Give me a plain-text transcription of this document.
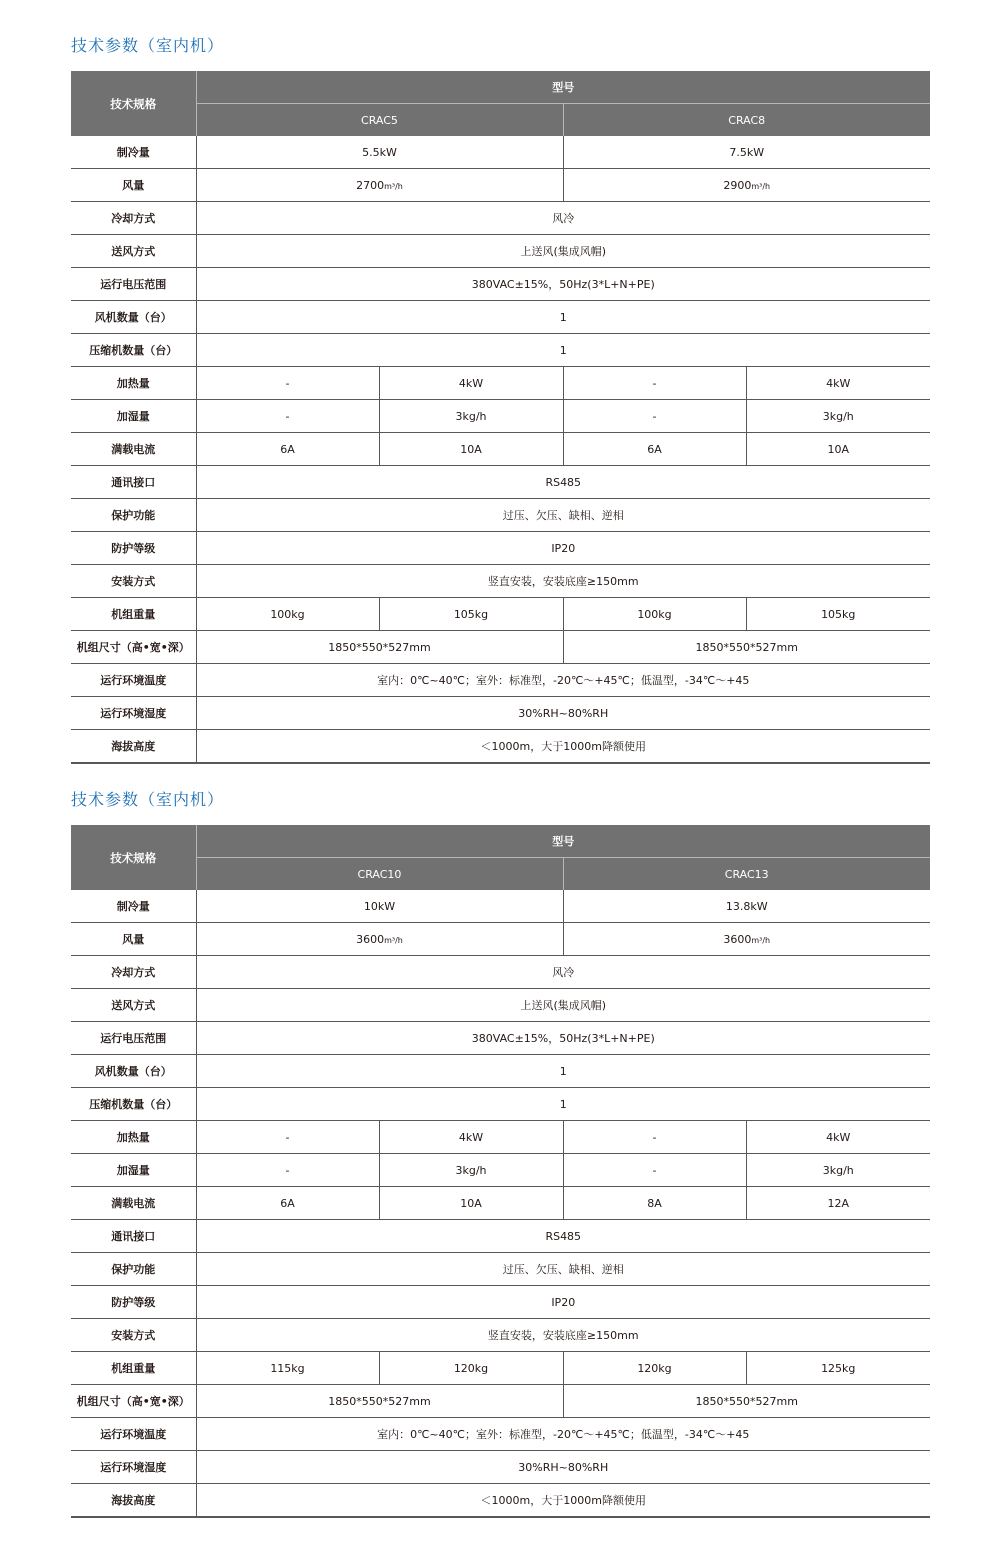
技术参数（室内机）
技术规格	型号			
	CRAC5		CRAC8	
制冷量	5.5kW		7.5kW	
风量	2700m³/h		2900m³/h	
冷却方式	风冷			
送风方式	上送风(集成风帽)			
运行电压范围	380VAC±15%，50Hz(3*L+N+PE)			
风机数量（台）	1			
压缩机数量（台）	1			
加热量	-	4kW	-	4kW
加湿量	-	3kg/h	-	3kg/h
满载电流	6A	10A	6A	10A
通讯接口	RS485			
保护功能	过压、欠压、缺相、逆相			
防护等级	IP20			
安装方式	竖直安装，安装底座≥150mm			
机组重量	100kg	105kg	100kg	105kg
机组尺寸（高•宽•深）	1850*550*527mm		1850*550*527mm	
运行环境温度	室内：0℃~40℃；室外：标准型，-20℃～+45℃；低温型，-34℃～+45			
运行环境湿度	30%RH~80%RH			
海拔高度	＜1000m，大于1000m降额使用			
技术参数（室内机）
技术规格	型号			
	CRAC10		CRAC13	
制冷量	10kW		13.8kW	
风量	3600m³/h		3600m³/h	
冷却方式	风冷			
送风方式	上送风(集成风帽)			
运行电压范围	380VAC±15%，50Hz(3*L+N+PE)			
风机数量（台）	1			
压缩机数量（台）	1			
加热量	-	4kW	-	4kW
加湿量	-	3kg/h	-	3kg/h
满载电流	6A	10A	8A	12A
通讯接口	RS485			
保护功能	过压、欠压、缺相、逆相			
防护等级	IP20			
安装方式	竖直安装，安装底座≥150mm			
机组重量	115kg	120kg	120kg	125kg
机组尺寸（高•宽•深）	1850*550*527mm		1850*550*527mm	
运行环境温度	室内：0℃~40℃；室外：标准型，-20℃～+45℃；低温型，-34℃～+45			
运行环境湿度	30%RH~80%RH			
海拔高度	＜1000m，大于1000m降额使用			
